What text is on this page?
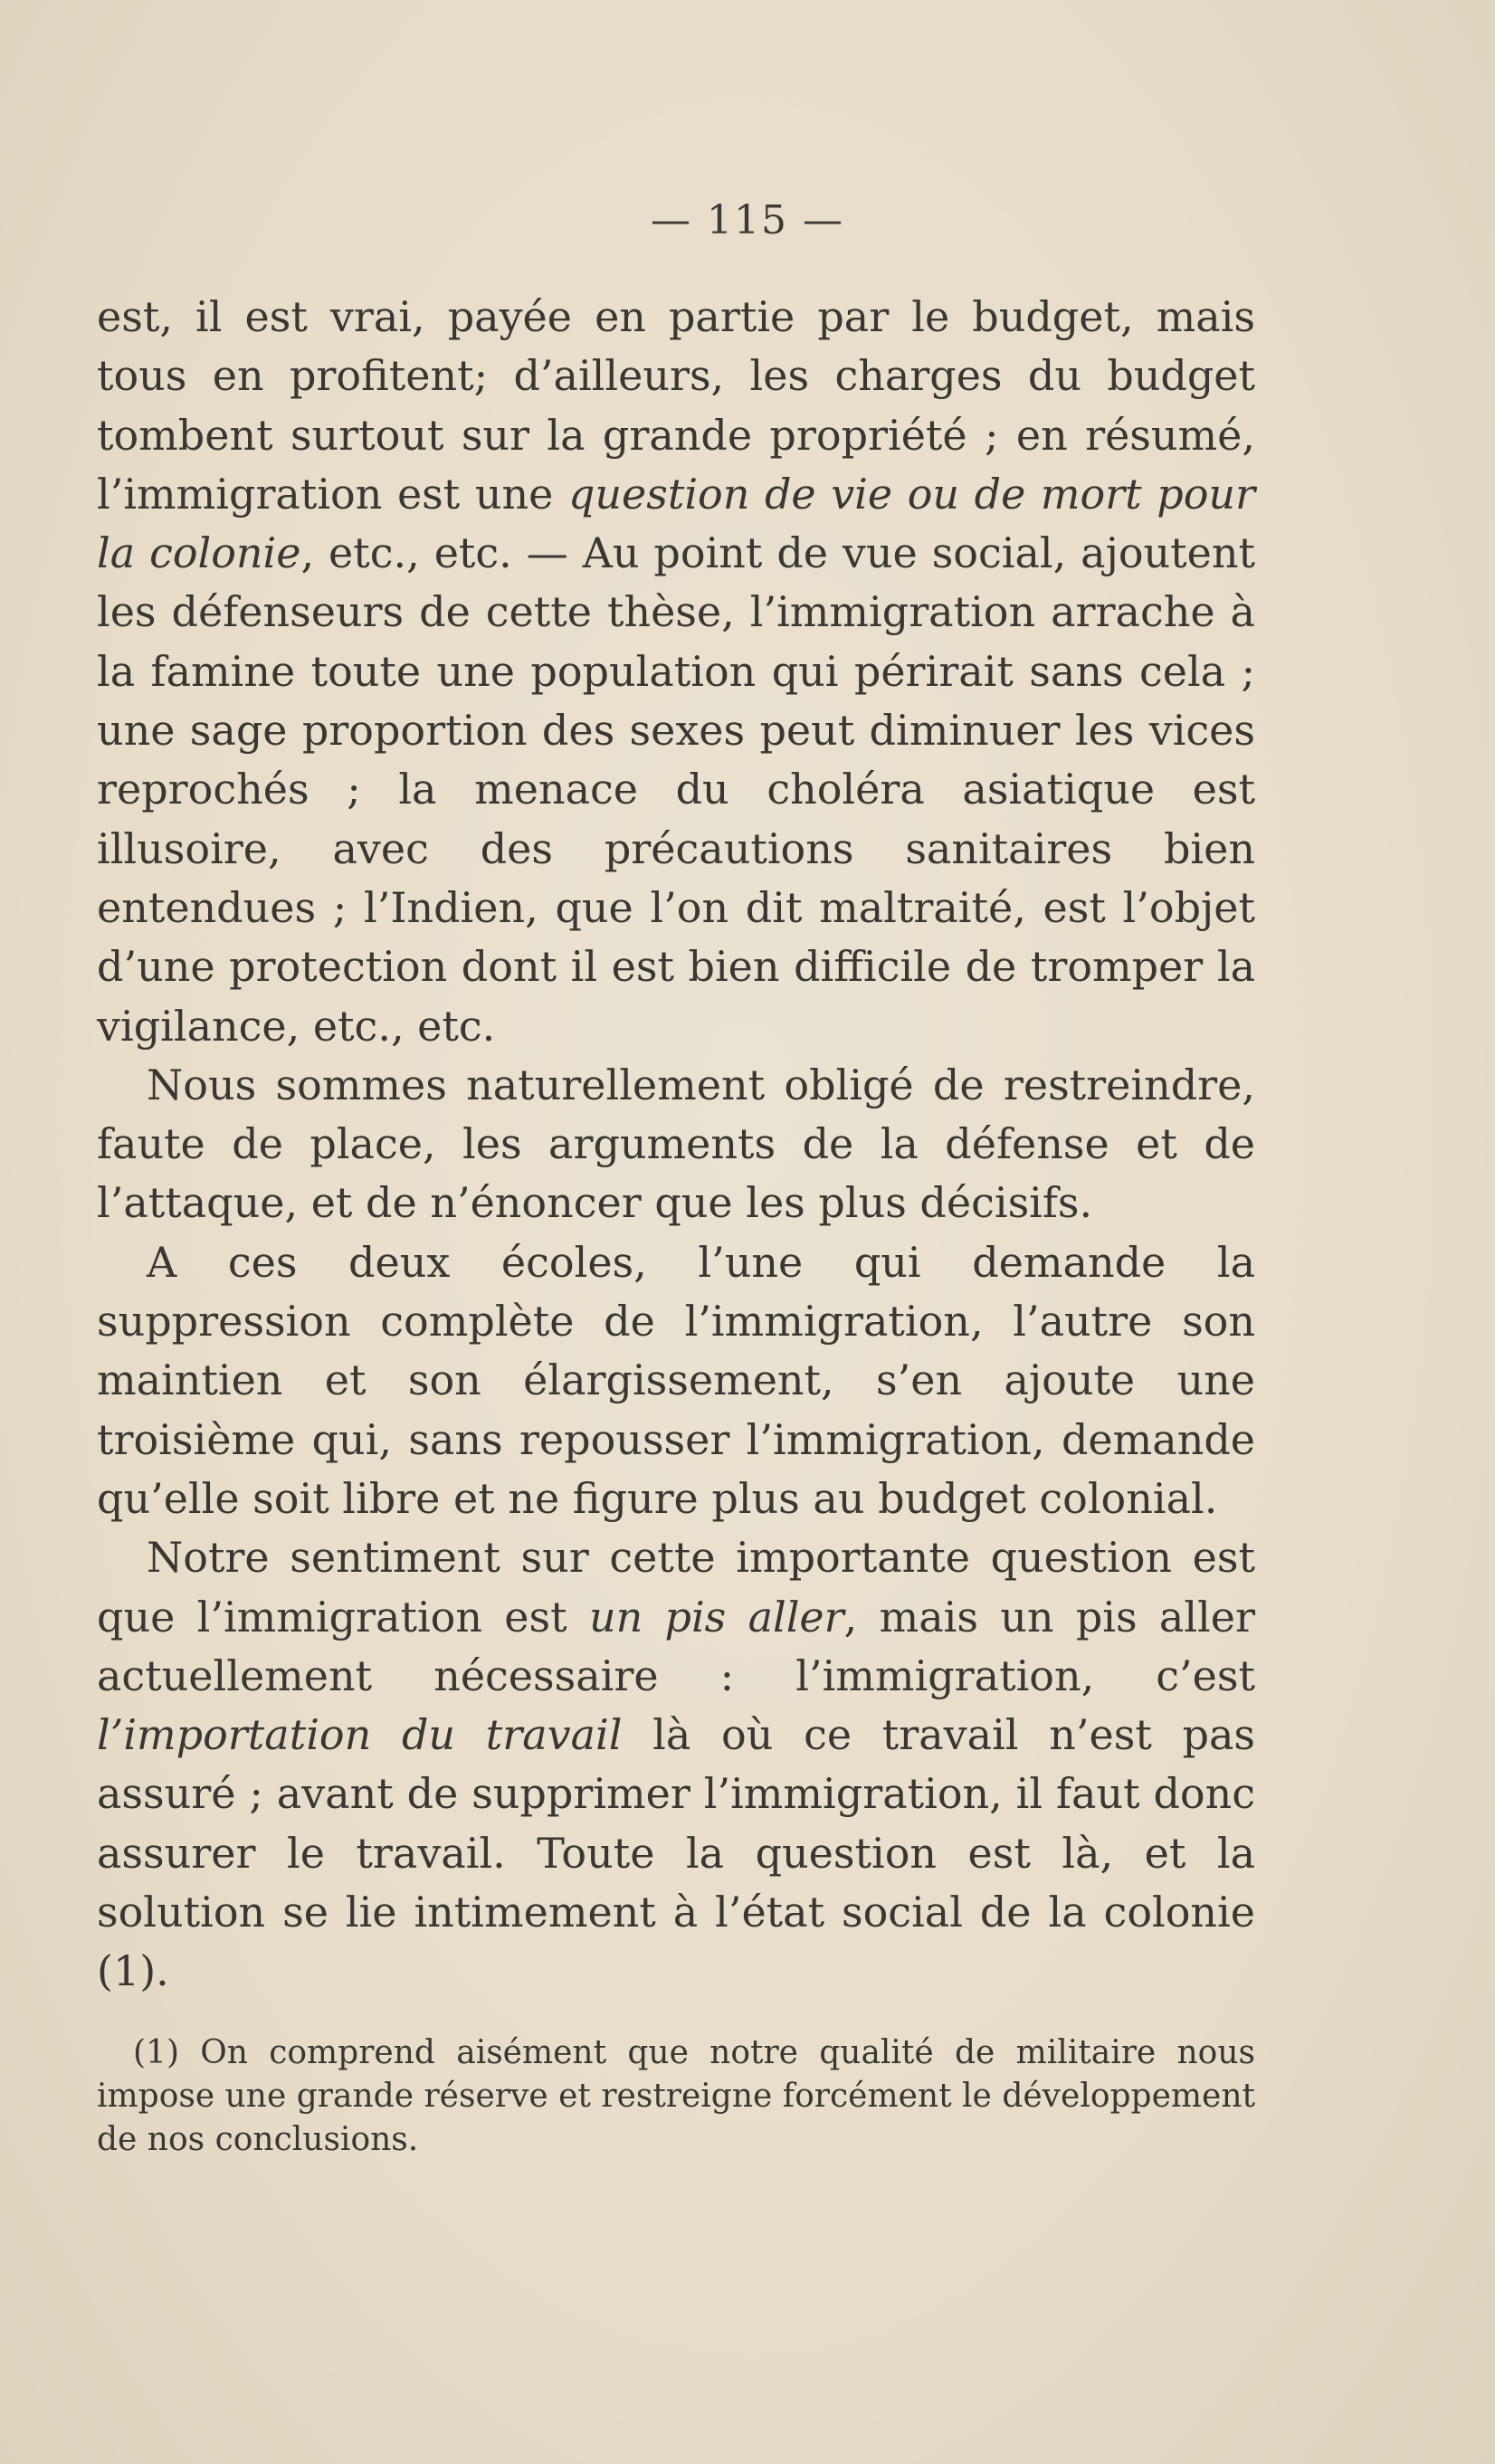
— 115 —

est, il est vrai, payée en partie par le budget, mais tous en profitent; d’ailleurs, les charges du budget tombent surtout sur la grande propriété ; en résumé, l’immigration est une question de vie ou de mort pour la colonie, etc., etc. — Au point de vue social, ajoutent les défenseurs de cette thèse, l’immigration arrache à la famine toute une population qui périrait sans cela ; une sage proportion des sexes peut diminuer les vices reprochés ; la menace du choléra asiatique est illusoire, avec des précautions sanitaires bien entendues ; l’Indien, que l’on dit maltraité, est l’objet d’une protection dont il est bien difficile de tromper la vigilance, etc., etc.

Nous sommes naturellement obligé de restreindre, faute de place, les arguments de la défense et de l’attaque, et de n’énoncer que les plus décisifs.

A ces deux écoles, l’une qui demande la suppression complète de l’immigration, l’autre son maintien et son élargissement, s’en ajoute une troisième qui, sans repousser l’immigration, demande qu’elle soit libre et ne figure plus au budget colonial.

Notre sentiment sur cette importante question est que l’immigration est un pis aller, mais un pis aller actuellement nécessaire : l’immigration, c’est l’importation du travail là où ce travail n’est pas assuré ; avant de supprimer l’immigration, il faut donc assurer le travail. Toute la question est là, et la solution se lie intimement à l’état social de la colonie (1).

(1) On comprend aisément que notre qualité de militaire nous impose une grande réserve et restreigne forcément le développement de nos conclusions.
